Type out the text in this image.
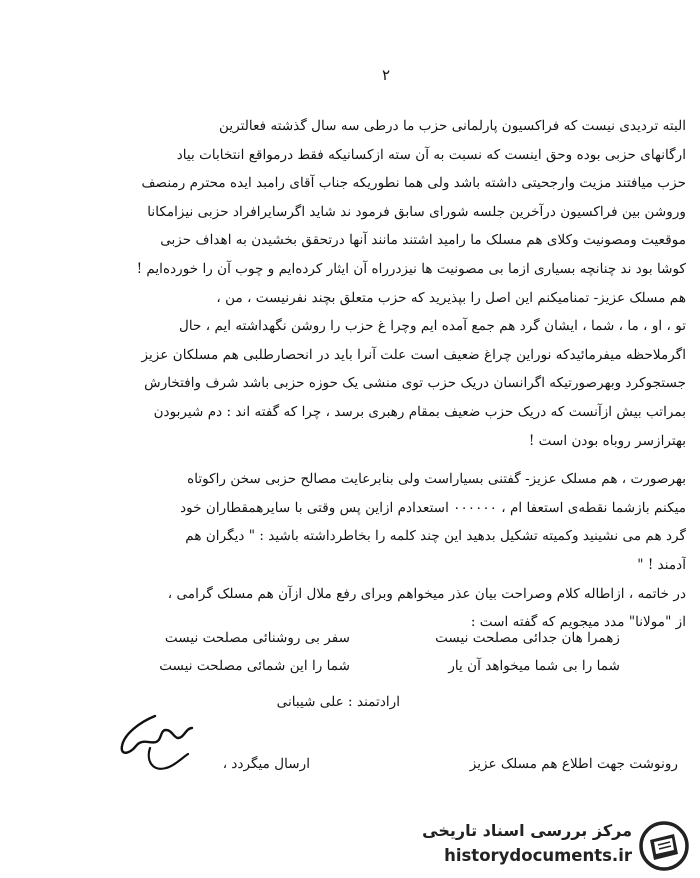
۲
البته تردیدی نیست که فراکسیون پارلمانی حزب ما درطی سه سال گذشته فعالترین
ارگانهای حزبی بوده وحق اینست که نسبت به آن سته ازکسانیکه فقط درمواقع انتخابات بیاد
حزب میافتند مزیت وارجحیتی داشته باشد ولی هما نطوریکه جناب آقای رامبد ایده محترم رمنصف
وروشن بین فراکسیون درآخرین جلسه شورای سابق فرمود ند شاید اگرسایرافراد حزبی نیزامکانا
موقعیت ومصونیت وکلای هم مسلک ما رامید اشتند مانند آنها درتحقق بخشیدن به اهداف حزبی
کوشا بود ند چنانچه بسیاری ازما بی مصونیت ها نیزدرراه آن ایثار کرده‌ایم و چوب آن را خورده‌ایم !
هم مسلک عزیز- تمنامیکنم این اصل را بپذیرید که حزب متعلق بچند نفرنیست ، من ،
تو ، او ، ما ، شما ، ایشان گرد هم جمع آمده ایم وچرا غ حزب را روشن نگهداشته ایم ، حال
اگرملاحظه میفرمائیدکه نوراین چراغ ضعیف است علت آنرا باید در انحصارطلبی هم مسلکان عزیز
جستجوکرد وبهرصورتیکه اگرانسان دریک حزب توی منشی یک حوزه حزبی باشد شرف وافتخارش
بمراتب بیش ازآنست که دریک حزب ضعیف بمقام رهبری برسد ، چرا که گفته اند : دم شیربودن
بهترازسر روباه بودن است !
بهرصورت ، هم مسلک عزیز- گفتنی بسیاراست ولی بنابرعایت مصالح حزبی سخن راکوتاه
میکنم بازشما نقطه‌ی استعفا ام ، ۰۰۰۰۰۰ استعدادم ازاین پس وقتی با سایرهمقطاران خود
گرد هم می نشینید وکمیته تشکیل بدهید این چند کلمه را بخاطرداشته باشید : " دیگران هم
آدمند ! "
در خاتمه ، ازاطاله کلام وصراحت بیان عذر میخواهم وبرای رفع ملال ازآن هم مسلک گرامی ،
از "مولانا" مدد میجویم که گفته است :
زهمرا هان جدائی مصلحت نیست
سفر بی روشنائی مصلحت نیست
شما را بی شما میخواهد آن یار
شما را این شمائی مصلحت نیست
ارادتمند : علی شیبانی
ارسال میگردد ،	رونوشت جهت اطلاع هم مسلک عزیز
مرکز بررسی اسناد تاریخی
historydocuments.ir
